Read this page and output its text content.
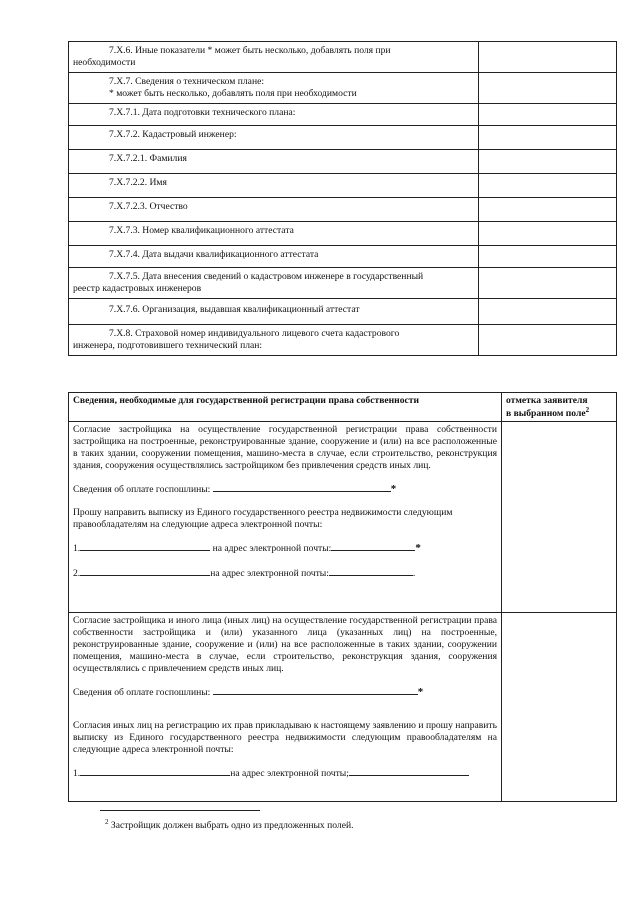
7.Х.6. Иные показатели * может быть несколько, добавлять поля при
необходимости	

7.Х.7. Сведения о техническом плане:
* может быть несколько, добавлять поля при необходимости	

7.Х.7.1. Дата подготовки технического плана:	

7.Х.7.2. Кадастровый инженер:	

7.Х.7.2.1. Фамилия	

7.Х.7.2.2. Имя	

7.Х.7.2.3. Отчество	

7.Х.7.3. Номер квалификационного аттестата	

7.Х.7.4. Дата выдачи квалификационного аттестата	

7.Х.7.5. Дата внесения сведений о кадастровом инженере в государственный
реестр кадастровых инженеров	

7.Х.7.6. Организация, выдавшая квалификационный аттестат	

7.Х.8. Страховой номер индивидуального лицевого счета кадастрового
инженера, подготовившего технический план:	

Сведения, необходимые для государственной регистрации права собственности	отметка заявителя
в выбранном поле$^2$

Согласие застройщика на осуществление государственной регистрации права собственности застройщика на построенные, реконструированные здание, сооружение и (или) на все расположенные в таких здании, сооружении помещения, машино-места в случае, если строительство, реконструкция здания, сооружения осуществлялись застройщиком без привлечения средств иных лиц.
Сведения об оплате госпошлины: *
Прошу направить выписку из Единого государственного реестра недвижимости следующим правообладателям на следующие адреса электронной почты:
1. на адрес электронной почты: *
2. на адрес электронной почты: .	

Согласие застройщика и иного лица (иных лиц) на осуществление государственной регистрации права собственности застройщика и (или) указанного лица (указанных лиц) на построенные, реконструированные здание, сооружение и (или) на все расположенные в таких здании, сооружении помещения, машино-места в случае, если строительство, реконструкция здания, сооружения осуществлялись с привлечением средств иных лиц.
Сведения об оплате госпошлины: *
Согласия иных лиц на регистрацию их прав прикладываю к настоящему заявлению и прошу направить выписку из Единого государственного реестра недвижимости следующим правообладателям на следующие адреса электронной почты:
1. на адрес электронной почты;	

$^2$ Застройщик должен выбрать одно из предложенных полей.
